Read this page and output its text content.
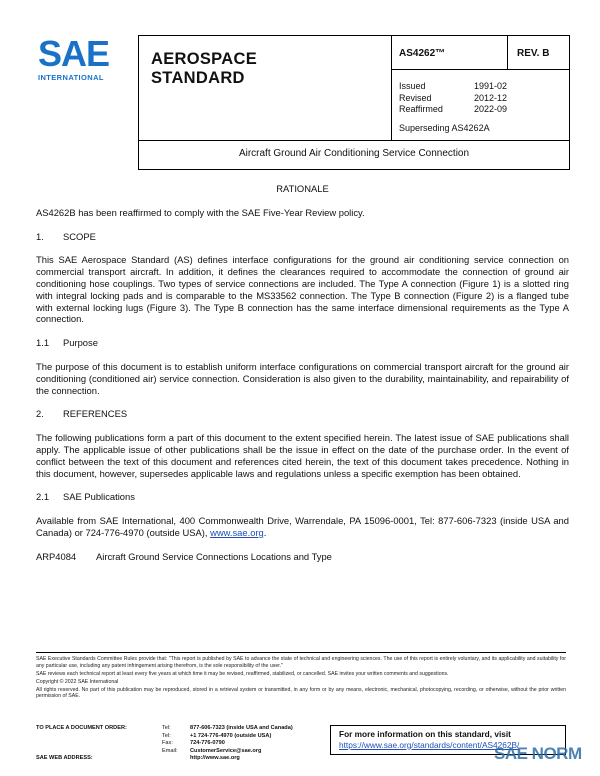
SAE
INTERNATIONAL
AEROSPACE
STANDARD
AS4262™	REV. B
Issued	1991-02
Revised	2012-12
Reaffirmed	2022-09
Superseding AS4262A
Aircraft Ground Air Conditioning Service Connection

RATIONALE

AS4262B has been reaffirmed to comply with the SAE Five-Year Review policy.

1.	SCOPE

This SAE Aerospace Standard (AS) defines interface configurations for the ground air conditioning service connection on commercial transport aircraft. In addition, it defines the clearances required to accommodate the connection of ground air conditioning hose couplings. Two types of service connections are included. The Type A connection (Figure 1) is a slotted ring with integral locking pads and is comparable to the MS33562 connection. The Type B connection (Figure 2) is a flanged tube with external locking lugs (Figure 3). The Type B connection has the same interface dimensional requirements as the Type A connection.

1.1	Purpose

The purpose of this document is to establish uniform interface configurations on commercial transport aircraft for the ground air conditioning (conditioned air) service connection. Consideration is also given to the durability, maintainability, and repairability of the connection.

2.	REFERENCES

The following publications form a part of this document to the extent specified herein. The latest issue of SAE publications shall apply. The applicable issue of other publications shall be the issue in effect on the date of the purchase order. In the event of conflict between the text of this document and references cited herein, the text of this document takes precedence. Nothing in this document, however, supersedes applicable laws and regulations unless a specific exemption has been obtained.

2.1	SAE Publications

Available from SAE International, 400 Commonwealth Drive, Warrendale, PA 15096-0001, Tel: 877-606-7323 (inside USA and Canada) or 724-776-4970 (outside USA), www.sae.org.

ARP4084	Aircraft Ground Service Connections Locations and Type

SAE Executive Standards Committee Rules provide that: "This report is published by SAE to advance the state of technical and engineering sciences. The use of this report is entirely voluntary, and its applicability and suitability for any particular use, including any patent infringement arising therefrom, is the sole responsibility of the user."

SAE reviews each technical report at least every five years at which time it may be revised, reaffirmed, stabilized, or cancelled. SAE invites your written comments and suggestions.

Copyright © 2022 SAE International

All rights reserved. No part of this publication may be reproduced, stored in a retrieval system or transmitted, in any form or by any means, electronic, mechanical, photocopying, recording, or otherwise, without the prior written permission of SAE.

TO PLACE A DOCUMENT ORDER:	Tel:	877-606-7323 (inside USA and Canada)
Tel:	+1 724-776-4970 (outside USA)
Fax:	724-776-0790
Email:	CustomerService@sae.org
SAE WEB ADDRESS:	http://www.sae.org
For more information on this standard, visit
https://www.sae.org/standards/content/AS4262B/
SAE NORM
